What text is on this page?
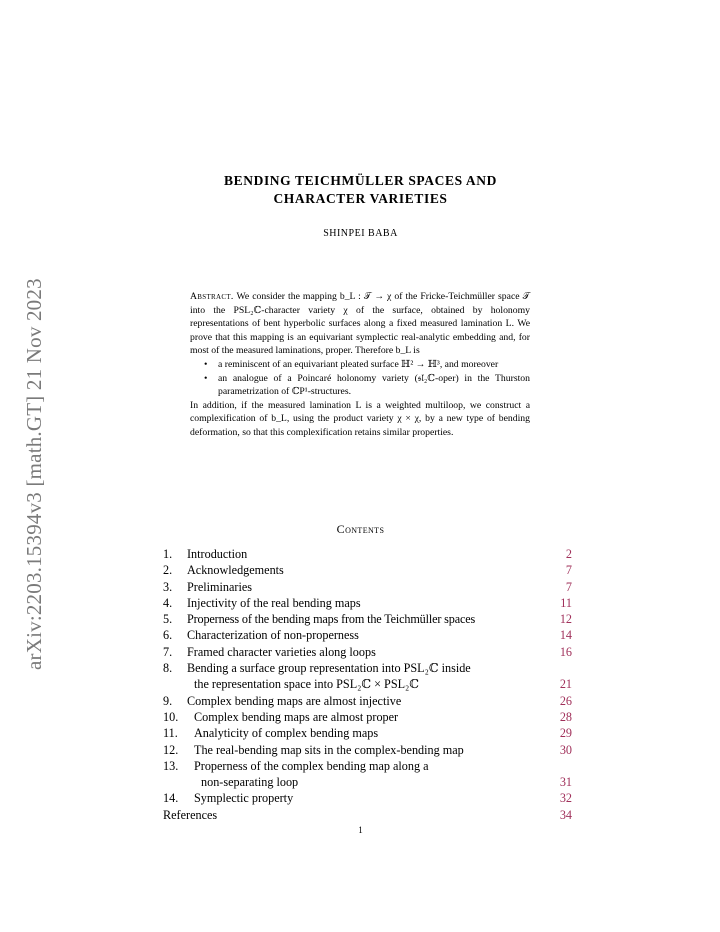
arXiv:2203.15394v3 [math.GT] 21 Nov 2023
BENDING TEICHMÜLLER SPACES AND
CHARACTER VARIETIES
SHINPEI BABA

Abstract. We consider the mapping b_L : 𝒯 → χ of the Fricke-Teichmüller space 𝒯 into the PSL₂ℂ-character variety χ of the surface, obtained by holonomy representations of bent hyperbolic surfaces along a fixed measured lamination L. We prove that this mapping is an equivariant symplectic real-analytic embedding and, for most of the measured laminations, proper. Therefore b_L is

• a reminiscent of an equivariant pleated surface ℍ² → ℍ³, and moreover
• an analogue of a Poincaré holonomy variety (𝔰𝔩₂ℂ-oper) in the Thurston parametrization of ℂP¹-structures.

In addition, if the measured lamination L is a weighted multiloop, we construct a complexification of b_L, using the product variety χ × χ, by a new type of bending deformation, so that this complexification retains similar properties.

Contents
1.	Introduction	2
2.	Acknowledgements	7
3.	Preliminaries	7
4.	Injectivity of the real bending maps	11
5.	Properness of the bending maps from the Teichmüller spaces	12
6.	Characterization of non-properness	14
7.	Framed character varieties along loops	16
8.	Bending a surface group representation into PSL₂ℂ inside
the representation space into PSL₂ℂ × PSL₂ℂ	21
9.	Complex bending maps are almost injective	26
10.	Complex bending maps are almost proper	28
11.	Analyticity of complex bending maps	29
12.	The real-bending map sits in the complex-bending map	30
13.	Properness of the complex bending map along a
non-separating loop	31
14.	Symplectic property	32
References	34
1
